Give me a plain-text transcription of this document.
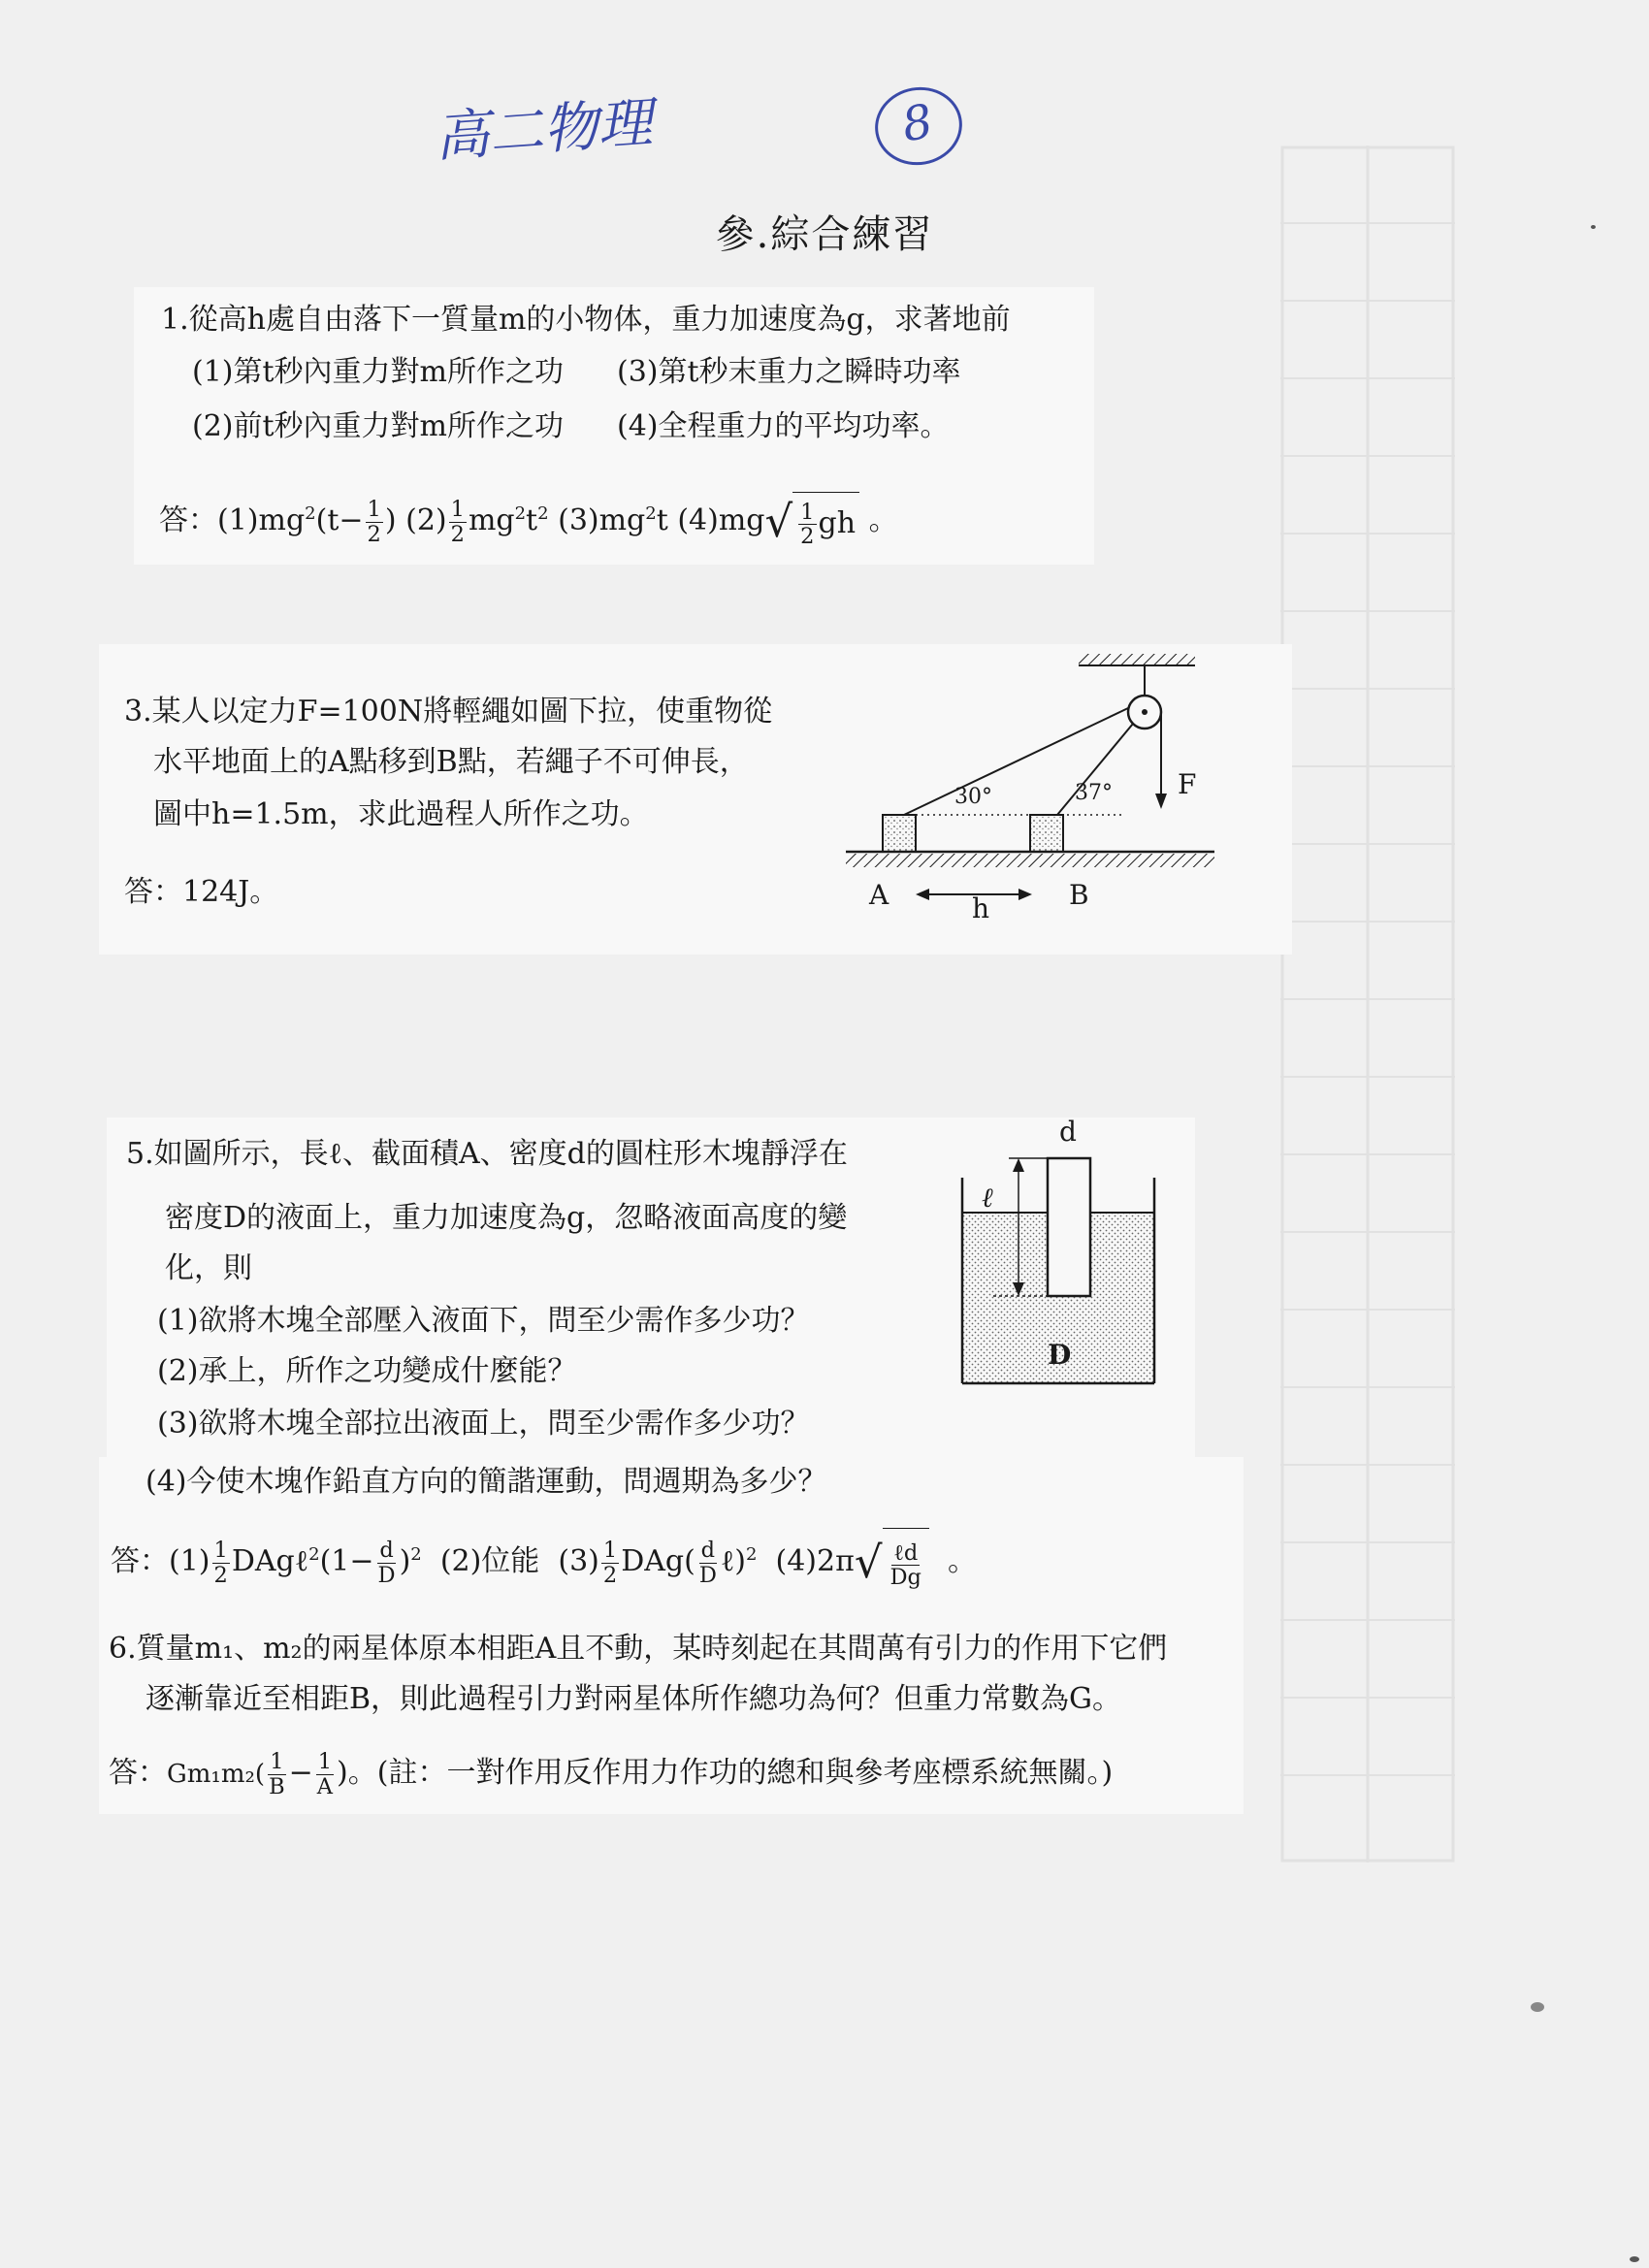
高二物理	8
參.綜合練習
1.從高h處自由落下一質量m的小物体，重力加速度為g，求著地前
(1)第t秒內重力對m所作之功 (3)第t秒末重力之瞬時功率
(2)前t秒內重力對m所作之功 (4)全程重力的平均功率。
答：$(1)mg^2(t- \frac{1}{2}$ ) $(2) \frac{1}{2} mg^2t^2$ $(3)mg^2t$ $(4)mg√ \frac{1}{2}$ gh 。
3.某人以定力F=100N將輕繩如圖下拉，使重物從
水平地面上的A點移到B點，若繩子不可伸長，
圖中h=1.5m，求此過程人所作之功。
答：124J。
30°	37° F
A	B
h
5.如圖所示，長ℓ、截面積A、密度d的圓柱形木塊靜浮在
密度D的液面上，重力加速度為g，忽略液面高度的變
化，則
(1)欲將木塊全部壓入液面下，問至少需作多少功？
(2)承上，所作之功變成什麼能？
(3)欲將木塊全部拉出液面上，問至少需作多少功？
(4)今使木塊作鉛直方向的簡諧運動，問週期為多少？
d
ℓ
D
答：$(1) \frac{1}{2}$ DAgℓ$^2$(1− $\frac{d}{D} )^2$ (2)位能 $(3) \frac{1}{2} DAg( \frac{d}{D}$ ℓ)$^2$ $(4)2\pi√ \frac{\text{ℓd}}{Dg}$ 。
6.質量m₁、m₂的兩星体原本相距A且不動，某時刻起在其間萬有引力的作用下它們
逐漸靠近至相距B，則此過程引力對兩星体所作總功為何？但重力常數為G。
答：$Gm_1m_2( \frac{1}{B} - \frac{1}{A}$ )。(註：一對作用反作用力作功的總和與參考座標系統無關。)
